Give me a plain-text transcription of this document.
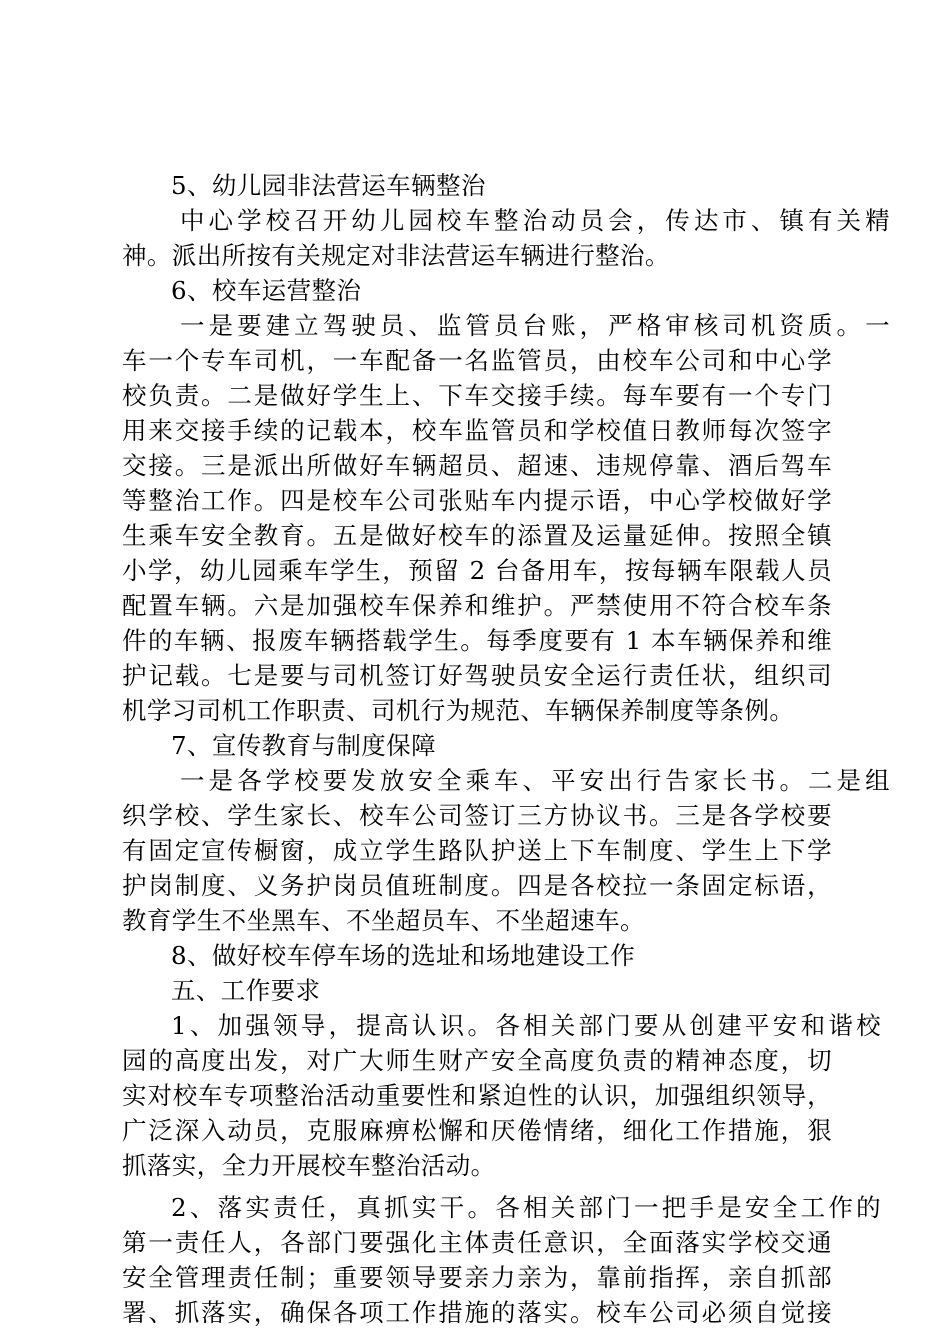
5、幼儿园非法营运车辆整治
中心学校召开幼儿园校车整治动员会，传达市、镇有关精
神。派出所按有关规定对非法营运车辆进行整治。
6、校车运营整治
一是要建立驾驶员、监管员台账，严格审核司机资质。一
车一个专车司机，一车配备一名监管员，由校车公司和中心学
校负责。二是做好学生上、下车交接手续。每车要有一个专门
用来交接手续的记载本，校车监管员和学校值日教师每次签字
交接。三是派出所做好车辆超员、超速、违规停靠、酒后驾车
等整治工作。四是校车公司张贴车内提示语，中心学校做好学
生乘车安全教育。五是做好校车的添置及运量延伸。按照全镇
小学，幼儿园乘车学生，预留 2 台备用车，按每辆车限载人员
配置车辆。六是加强校车保养和维护。严禁使用不符合校车条
件的车辆、报废车辆搭载学生。每季度要有 1 本车辆保养和维
护记载。七是要与司机签订好驾驶员安全运行责任状，组织司
机学习司机工作职责、司机行为规范、车辆保养制度等条例。
7、宣传教育与制度保障
一是各学校要发放安全乘车、平安出行告家长书。二是组
织学校、学生家长、校车公司签订三方协议书。三是各学校要
有固定宣传橱窗，成立学生路队护送上下车制度、学生上下学
护岗制度、义务护岗员值班制度。四是各校拉一条固定标语，
教育学生不坐黑车、不坐超员车、不坐超速车。
8、做好校车停车场的选址和场地建设工作
五、工作要求
1、加强领导，提高认识。各相关部门要从创建平安和谐校
园的高度出发，对广大师生财产安全高度负责的精神态度，切
实对校车专项整治活动重要性和紧迫性的认识，加强组织领导，
广泛深入动员，克服麻痹松懈和厌倦情绪，细化工作措施，狠
抓落实，全力开展校车整治活动。
2、落实责任，真抓实干。各相关部门一把手是安全工作的
第一责任人，各部门要强化主体责任意识，全面落实学校交通
安全管理责任制；重要领导要亲力亲为，靠前指挥，亲自抓部
署、抓落实，确保各项工作措施的落实。校车公司必须自觉接
